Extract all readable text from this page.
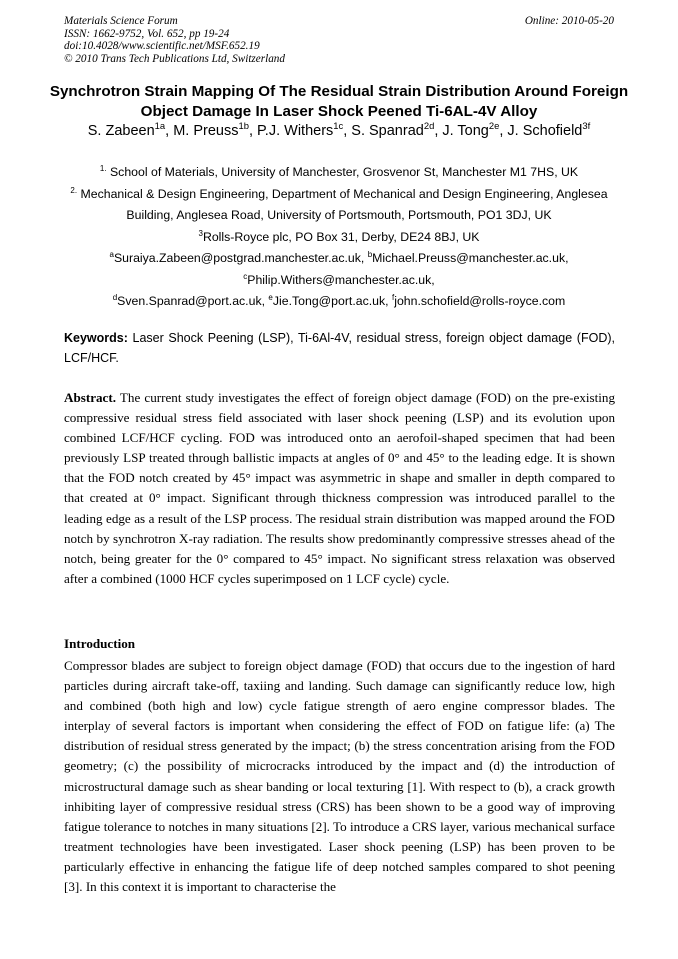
Materials Science Forum
ISSN: 1662-9752, Vol. 652, pp 19-24
doi:10.4028/www.scientific.net/MSF.652.19
© 2010 Trans Tech Publications Ltd, Switzerland
Online: 2010-05-20
Synchrotron Strain Mapping Of The Residual Strain Distribution Around Foreign Object Damage In Laser Shock Peened Ti-6AL-4V Alloy
S. Zabeen$^{1a}$, M. Preuss$^{1b}$, P.J. Withers$^{1c}$, S. Spanrad$^{2d}$, J. Tong$^{2e}$, J. Schofield$^{3f}$
$^{1.}$ School of Materials, University of Manchester, Grosvenor St, Manchester M1 7HS, UK
$^{2.}$ Mechanical & Design Engineering, Department of Mechanical and Design Engineering, Anglesea Building, Anglesea Road, University of Portsmouth, Portsmouth, PO1 3DJ, UK
$^3$Rolls-Royce plc, PO Box 31, Derby, DE24 8BJ, UK
$^a$Suraiya.Zabeen@postgrad.manchester.ac.uk, $^b$Michael.Preuss@manchester.ac.uk,
$^c$Philip.Withers@manchester.ac.uk,
$^d$Sven.Spanrad@port.ac.uk, $^e$Jie.Tong@port.ac.uk, $^f$john.schofield@rolls-royce.com
Keywords: Laser Shock Peening (LSP), Ti-6Al-4V, residual stress, foreign object damage (FOD), LCF/HCF.
Abstract. The current study investigates the effect of foreign object damage (FOD) on the pre-existing compressive residual stress field associated with laser shock peening (LSP) and its evolution upon combined LCF/HCF cycling. FOD was introduced onto an aerofoil-shaped specimen that had been previously LSP treated through ballistic impacts at angles of 0° and 45° to the leading edge. It is shown that the FOD notch created by 45° impact was asymmetric in shape and smaller in depth compared to that created at 0° impact. Significant through thickness compression was introduced parallel to the leading edge as a result of the LSP process. The residual strain distribution was mapped around the FOD notch by synchrotron X-ray radiation. The results show predominantly compressive stresses ahead of the notch, being greater for the 0° compared to 45° impact. No significant stress relaxation was observed after a combined (1000 HCF cycles superimposed on 1 LCF cycle) cycle.
Introduction
Compressor blades are subject to foreign object damage (FOD) that occurs due to the ingestion of hard particles during aircraft take-off, taxiing and landing. Such damage can significantly reduce low, high and combined (both high and low) cycle fatigue strength of aero engine compressor blades. The interplay of several factors is important when considering the effect of FOD on fatigue life: (a) The distribution of residual stress generated by the impact; (b) the stress concentration arising from the FOD geometry; (c) the possibility of microcracks introduced by the impact and (d) the introduction of microstructural damage such as shear banding or local texturing [1]. With respect to (b), a crack growth inhibiting layer of compressive residual stress (CRS) has been shown to be a good way of improving fatigue tolerance to notches in many situations [2]. To introduce a CRS layer, various mechanical surface treatment technologies have been investigated. Laser shock peening (LSP) has been proven to be particularly effective in enhancing the fatigue life of deep notched samples compared to shot peening [3]. In this context it is important to characterise the
